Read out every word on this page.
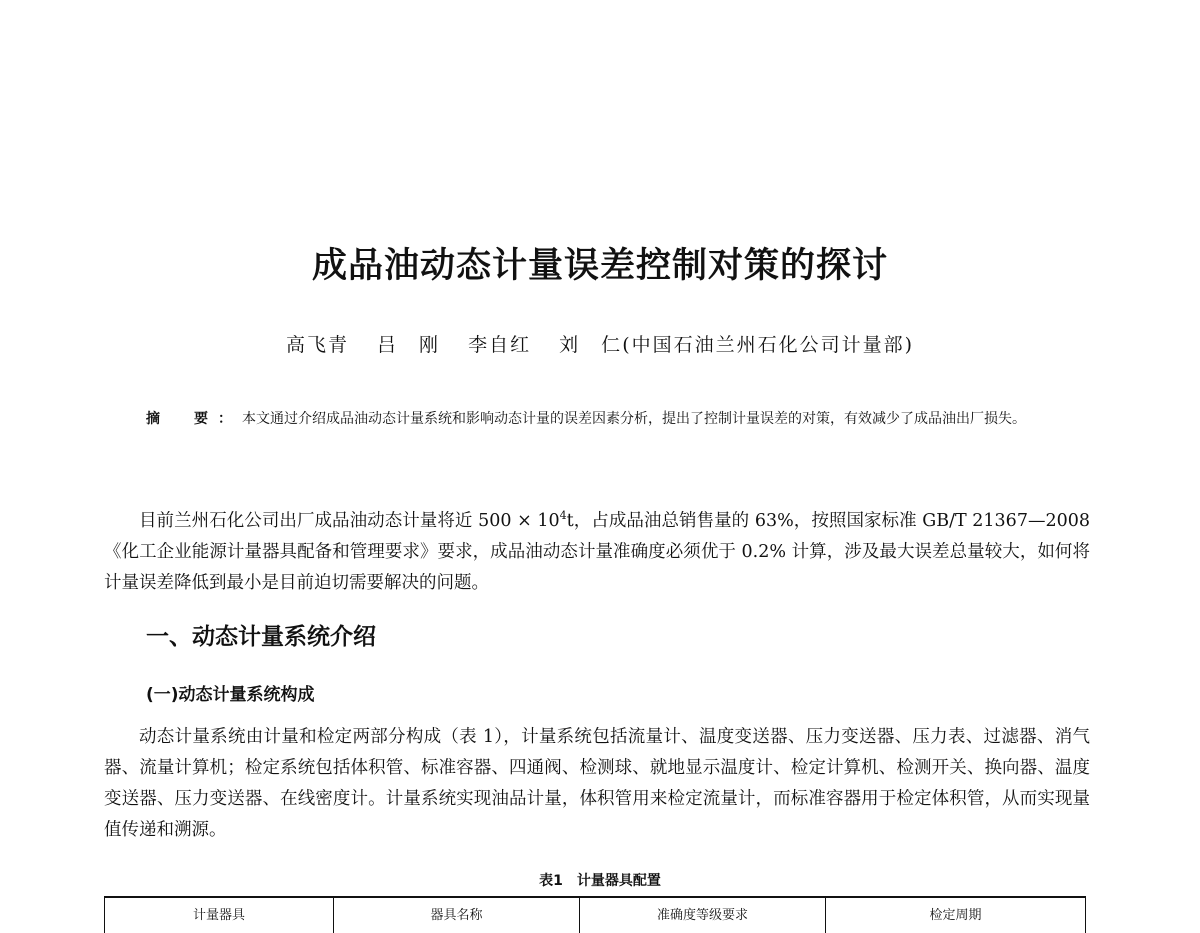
成品油动态计量误差控制对策的探讨
高飞青 吕　刚 李自红 刘　仁(中国石油兰州石化公司计量部)
摘　要：本文通过介绍成品油动态计量系统和影响动态计量的误差因素分析，提出了控制计量误差的对策，有效减少了成品油出厂损失。

目前兰州石化公司出厂成品油动态计量将近 $500 \times 10^4t$，占成品油总销售量的 63%，按照国家标准 GB/T 21367—2008《化工企业能源计量器具配备和管理要求》要求，成品油动态计量准确度必须优于 0.2% 计算，涉及最大误差总量较大，如何将计量误差降低到最小是目前迫切需要解决的问题。

一、动态计量系统介绍
(一)动态计量系统构成

动态计量系统由计量和检定两部分构成（表 1），计量系统包括流量计、温度变送器、压力变送器、压力表、过滤器、消气器、流量计算机；检定系统包括体积管、标准容器、四通阀、检测球、就地显示温度计、检定计算机、检测开关、换向器、温度变送器、压力变送器、在线密度计。计量系统实现油品计量，体积管用来检定流量计，而标准容器用于检定体积管，从而实现量值传递和溯源。

表1 计量器具配置
计量器具	器具名称	准确度等级要求	检定周期
